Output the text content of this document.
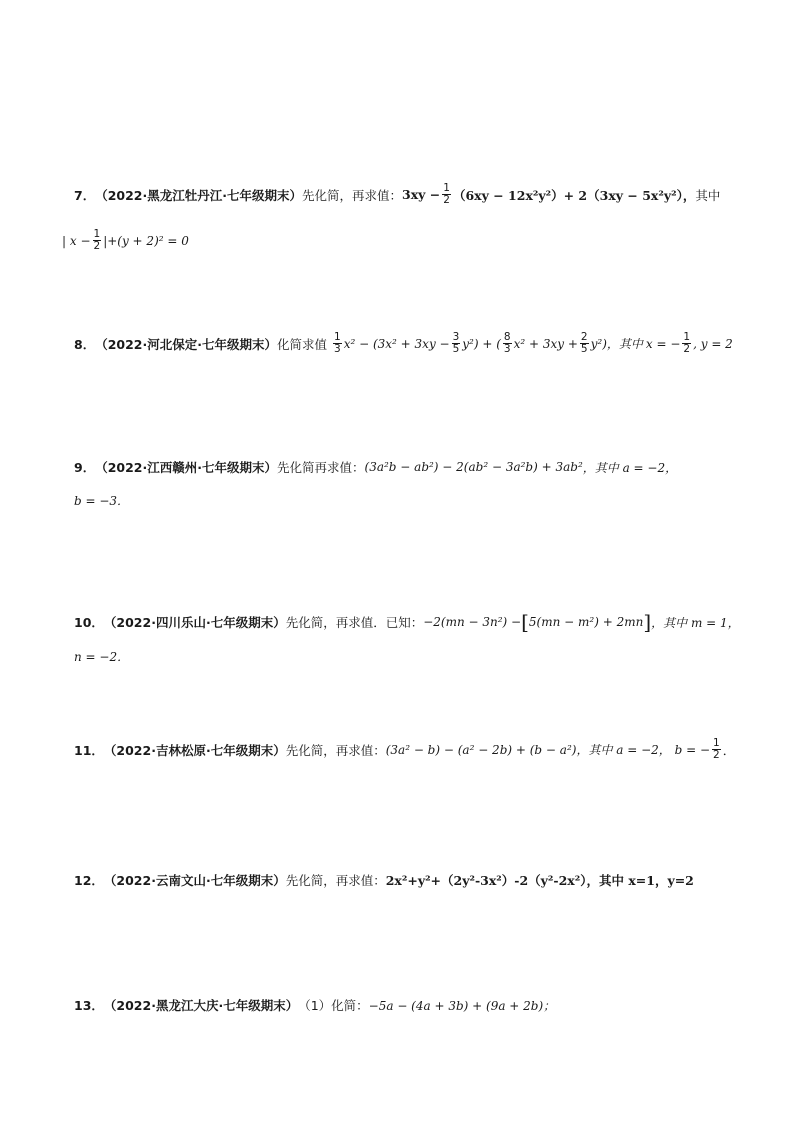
7． （2022·黑龙江牡丹江·七年级期末） 先化简，再求值： $3xy - \frac{1}{2} (6xy - 12x^2y^2)+ 2(3xy - 5x^2y^2)$， 其中
| $x - \frac{1}{2} |+(y + 2)^2 = 0$
8． （2022·河北保定·七年级期末） 化简求值 $\frac{1}{3} x^2 - (3x^2 + 3xy - \frac{3}{5} y^2)$ + ( $\frac{8}{3} x^2 + 3xy + \frac{2}{5} y^2$)，其中 x = − $\frac{1}{2}$ , y = 2
9． （2022·江西赣州·七年级期末） 先化简再求值： (3a²b − ab²) − 2(ab² − 3a²b) + 3ab² ，其中 a = −2，
b = −3．
10． （2022·四川乐山·七年级期末） 先化简，再求值．已知： −2(mn − 3n²) − [ 5(mn − m²) + 2mn ] ，其中 m = 1，
n = −2．
11． （2022·吉林松原·七年级期末） 先化简，再求值： (3a² − b) − (a² − 2b) + (b − a²) ，其中 a = −2， b = − $\frac{1}{2}$ ．
12． （2022·云南文山·七年级期末） 先化简，再求值： 2x²+y²+（2y²-3x²）-2（y²-2x²），其中 x=1，y=2
13． （2022·黑龙江大庆·七年级期末） （1）化简： −5a − (4a + 3b) + (9a + 2b)；
